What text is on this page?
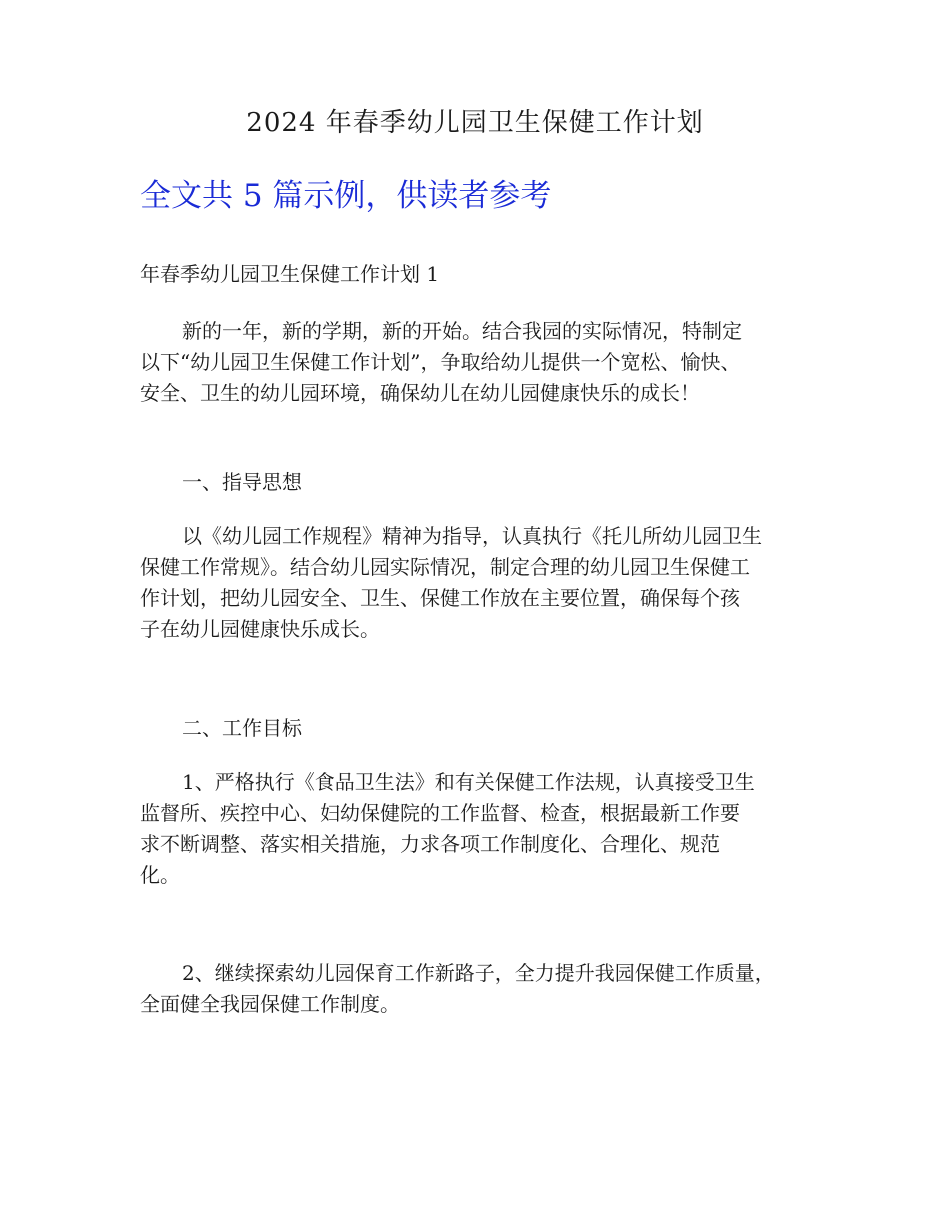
2024 年春季幼儿园卫生保健工作计划
全文共 5 篇示例，供读者参考
年春季幼儿园卫生保健工作计划 1
新的一年，新的学期，新的开始。结合我园的实际情况，特制定
以下“幼儿园卫生保健工作计划”，争取给幼儿提供一个宽松、愉快、
安全、卫生的幼儿园环境，确保幼儿在幼儿园健康快乐的成长！
一、指导思想
以《幼儿园工作规程》精神为指导，认真执行《托儿所幼儿园卫生
保健工作常规》。结合幼儿园实际情况，制定合理的幼儿园卫生保健工
作计划，把幼儿园安全、卫生、保健工作放在主要位置，确保每个孩
子在幼儿园健康快乐成长。
二、工作目标
1、严格执行《食品卫生法》和有关保健工作法规，认真接受卫生
监督所、疾控中心、妇幼保健院的工作监督、检查，根据最新工作要
求不断调整、落实相关措施，力求各项工作制度化、合理化、规范
化。
2、继续探索幼儿园保育工作新路子，全力提升我园保健工作质量，
全面健全我园保健工作制度。
